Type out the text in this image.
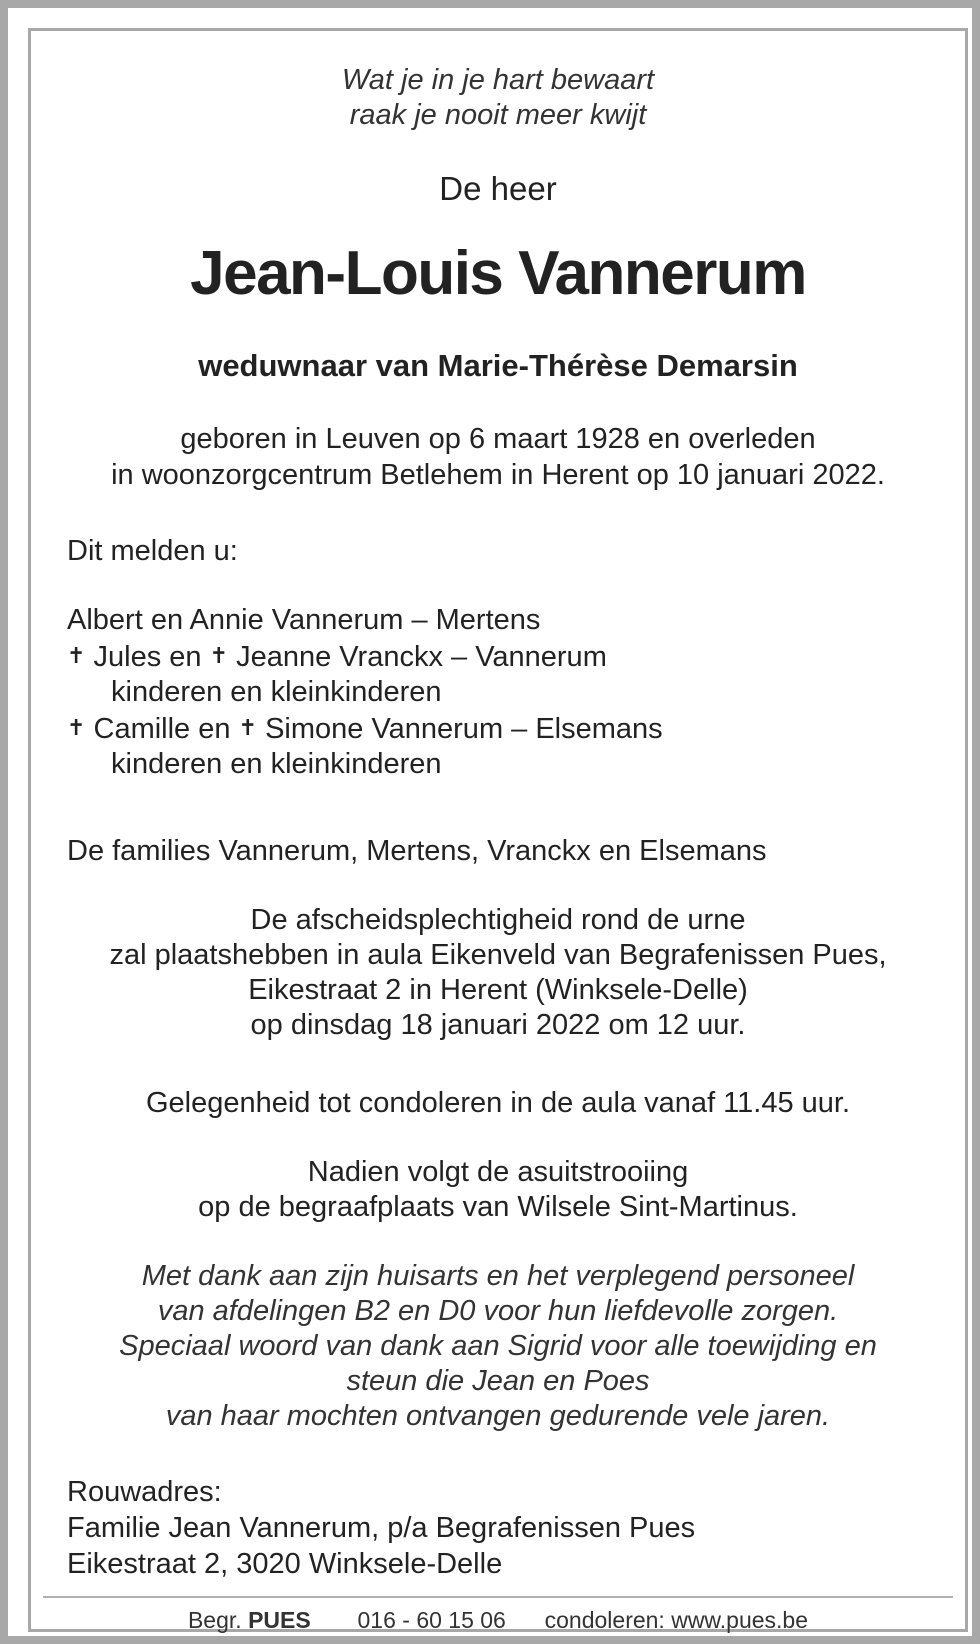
Wat je in je hart bewaart
raak je nooit meer kwijt
De heer
Jean-Louis Vannerum
weduwnaar van Marie-Thérèse Demarsin
geboren in Leuven op 6 maart 1928 en overleden
in woonzorgcentrum Betlehem in Herent op 10 januari 2022.
Dit melden u:
Albert en Annie Vannerum – Mertens
✝ Jules en ✝ Jeanne Vranckx – Vannerum
kinderen en kleinkinderen
✝ Camille en ✝ Simone Vannerum – Elsemans
kinderen en kleinkinderen
De families Vannerum, Mertens, Vranckx en Elsemans
De afscheidsplechtigheid rond de urne
zal plaatshebben in aula Eikenveld van Begrafenissen Pues,
Eikestraat 2 in Herent (Winksele-Delle)
op dinsdag 18 januari 2022 om 12 uur.
Gelegenheid tot condoleren in de aula vanaf 11.45 uur.
Nadien volgt de asuitstrooiing
op de begraafplaats van Wilsele Sint-Martinus.
Met dank aan zijn huisarts en het verplegend personeel
van afdelingen B2 en D0 voor hun liefdevolle zorgen.
Speciaal woord van dank aan Sigrid voor alle toewijding en
steun die Jean en Poes
van haar mochten ontvangen gedurende vele jaren.
Rouwadres:
Familie Jean Vannerum, p/a Begrafenissen Pues
Eikestraat 2, 3020 Winksele-Delle
Begr. PUES 016 - 60 15 06 condoleren: www.pues.be
